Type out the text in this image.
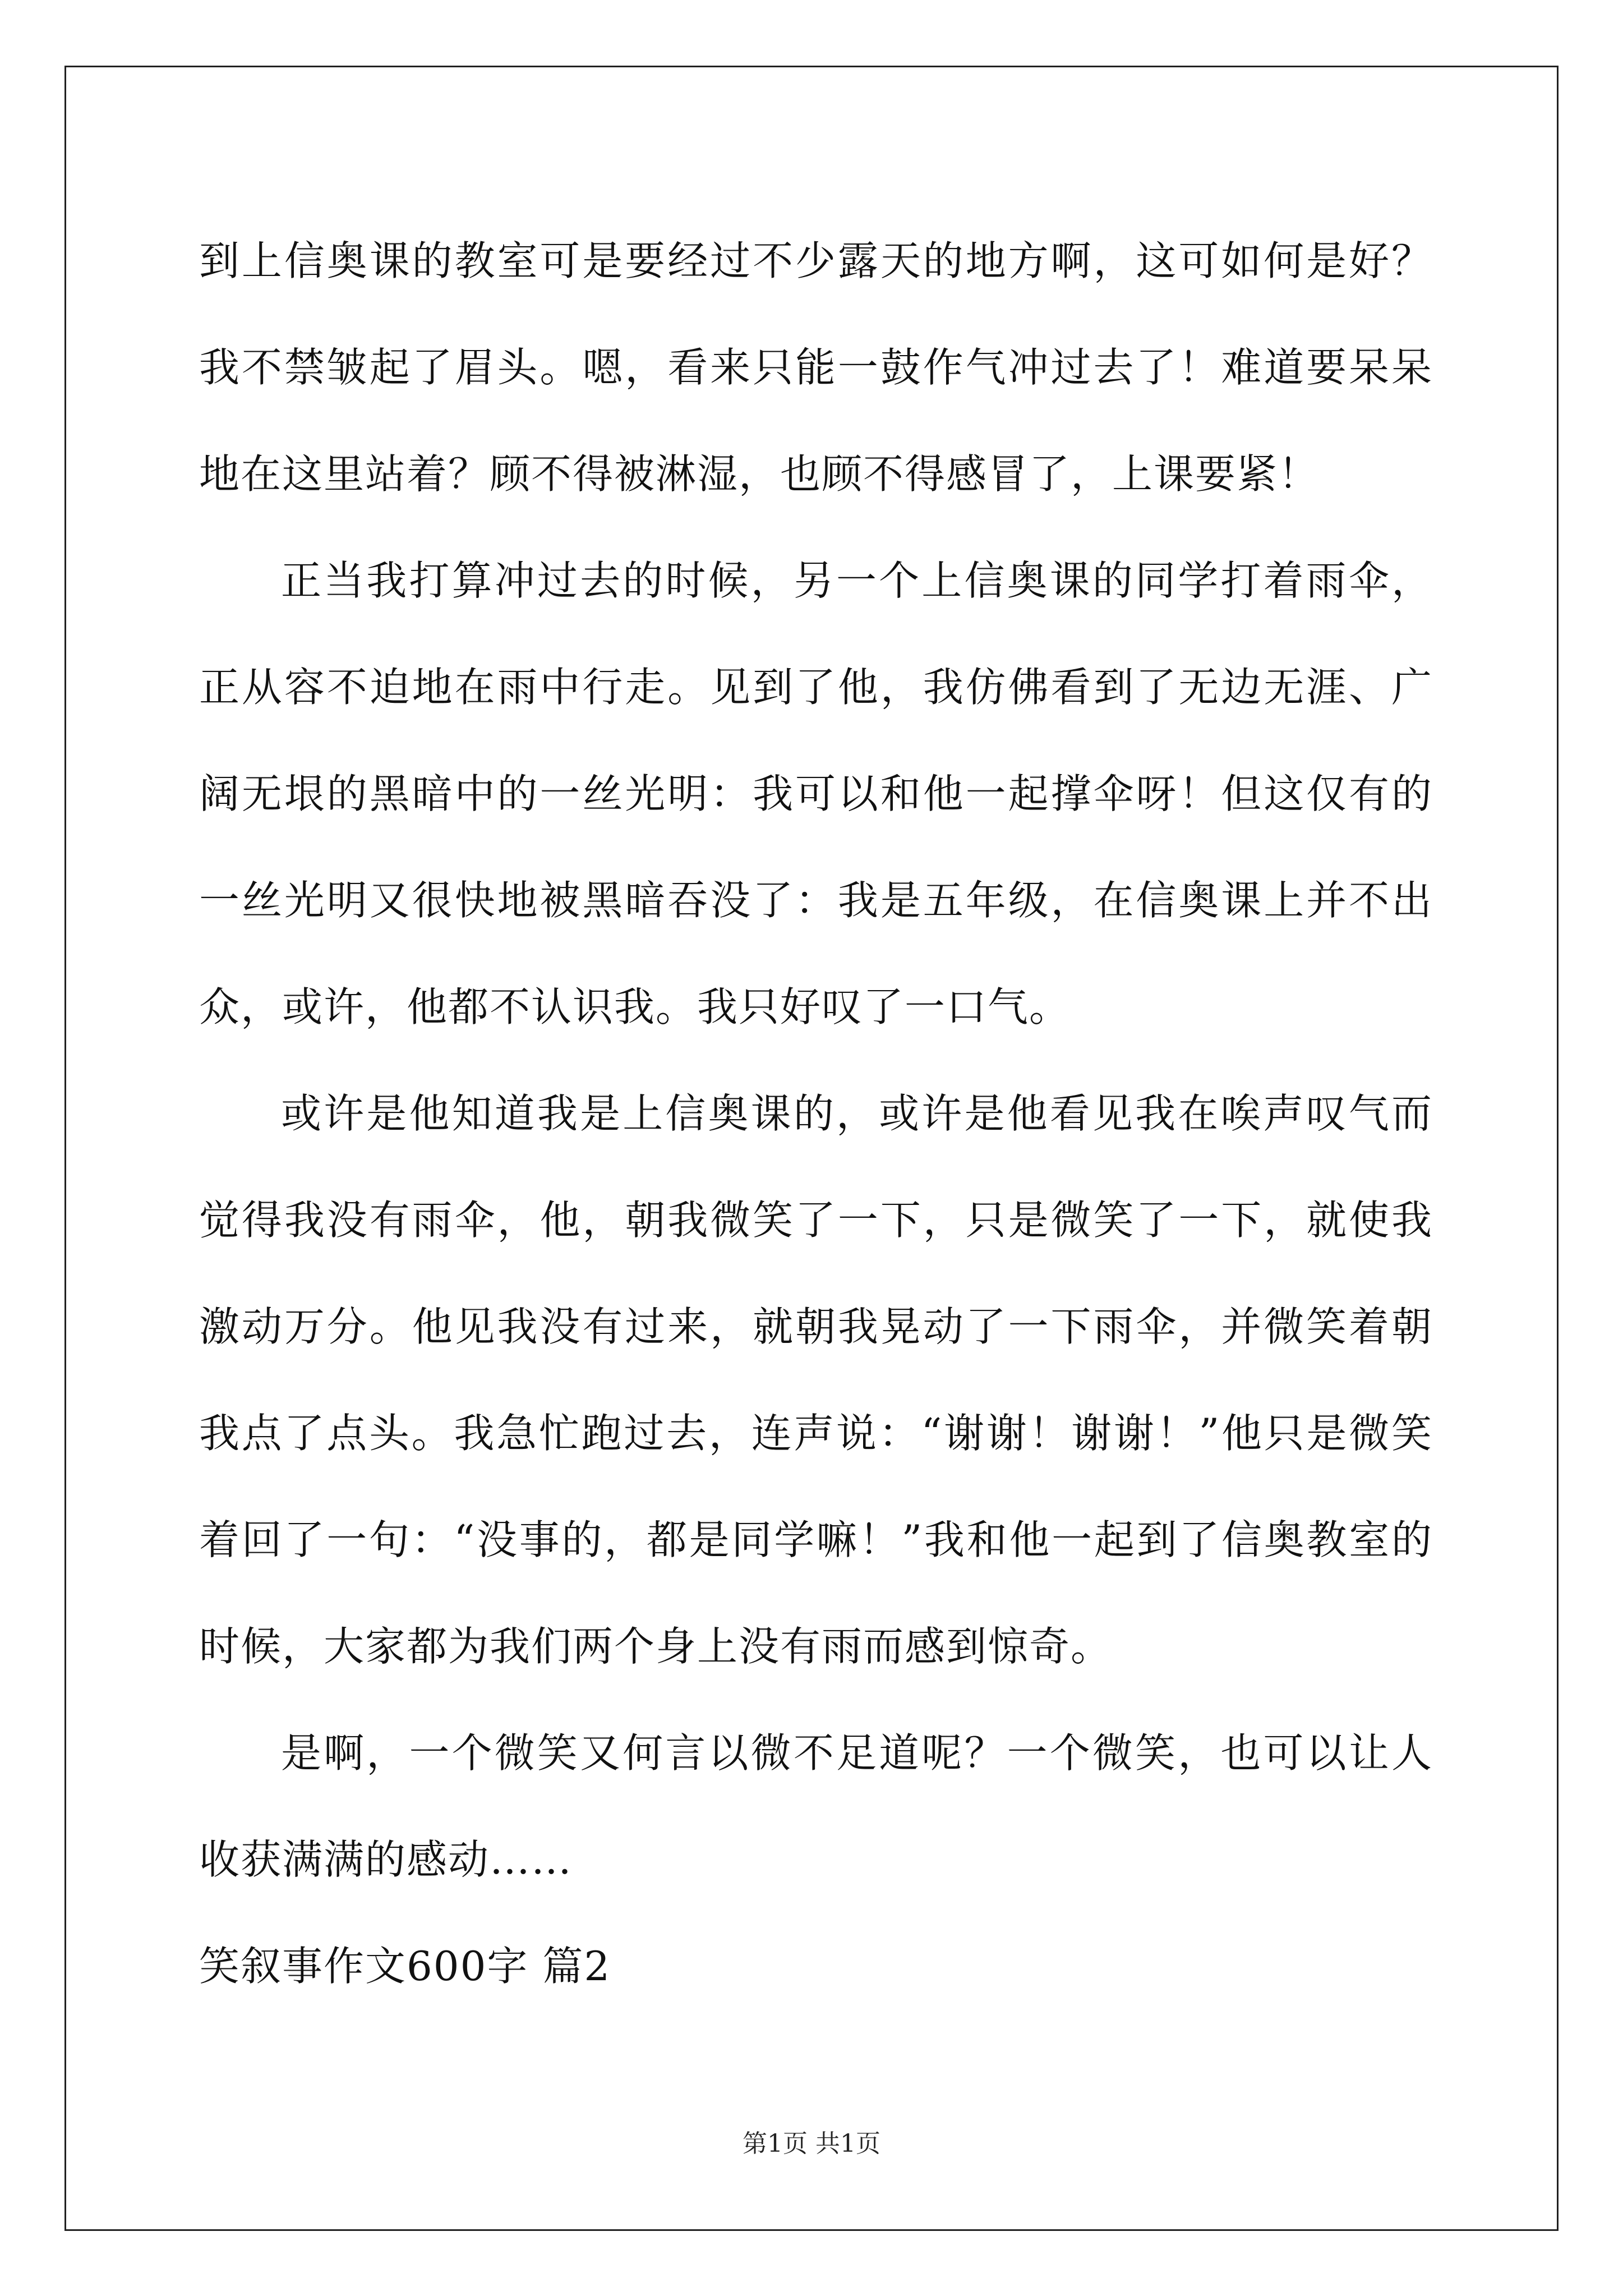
到上信奥课的教室可是要经过不少露天的地方啊，这可如何是好？我不禁皱起了眉头。嗯，看来只能一鼓作气冲过去了！难道要呆呆地在这里站着？顾不得被淋湿，也顾不得感冒了，上课要紧！

正当我打算冲过去的时候，另一个上信奥课的同学打着雨伞，正从容不迫地在雨中行走。见到了他，我仿佛看到了无边无涯、广阔无垠的黑暗中的一丝光明：我可以和他一起撑伞呀！但这仅有的一丝光明又很快地被黑暗吞没了：我是五年级，在信奥课上并不出众，或许，他都不认识我。我只好叹了一口气。

或许是他知道我是上信奥课的，或许是他看见我在唉声叹气而觉得我没有雨伞，他，朝我微笑了一下，只是微笑了一下，就使我激动万分。他见我没有过来，就朝我晃动了一下雨伞，并微笑着朝我点了点头。我急忙跑过去，连声说：“谢谢！谢谢！”他只是微笑着回了一句：“没事的，都是同学嘛！”我和他一起到了信奥教室的时候，大家都为我们两个身上没有雨而感到惊奇。

是啊，一个微笑又何言以微不足道呢？一个微笑，也可以让人收获满满的感动……

笑叙事作文600字 篇2

第1页 共1页
